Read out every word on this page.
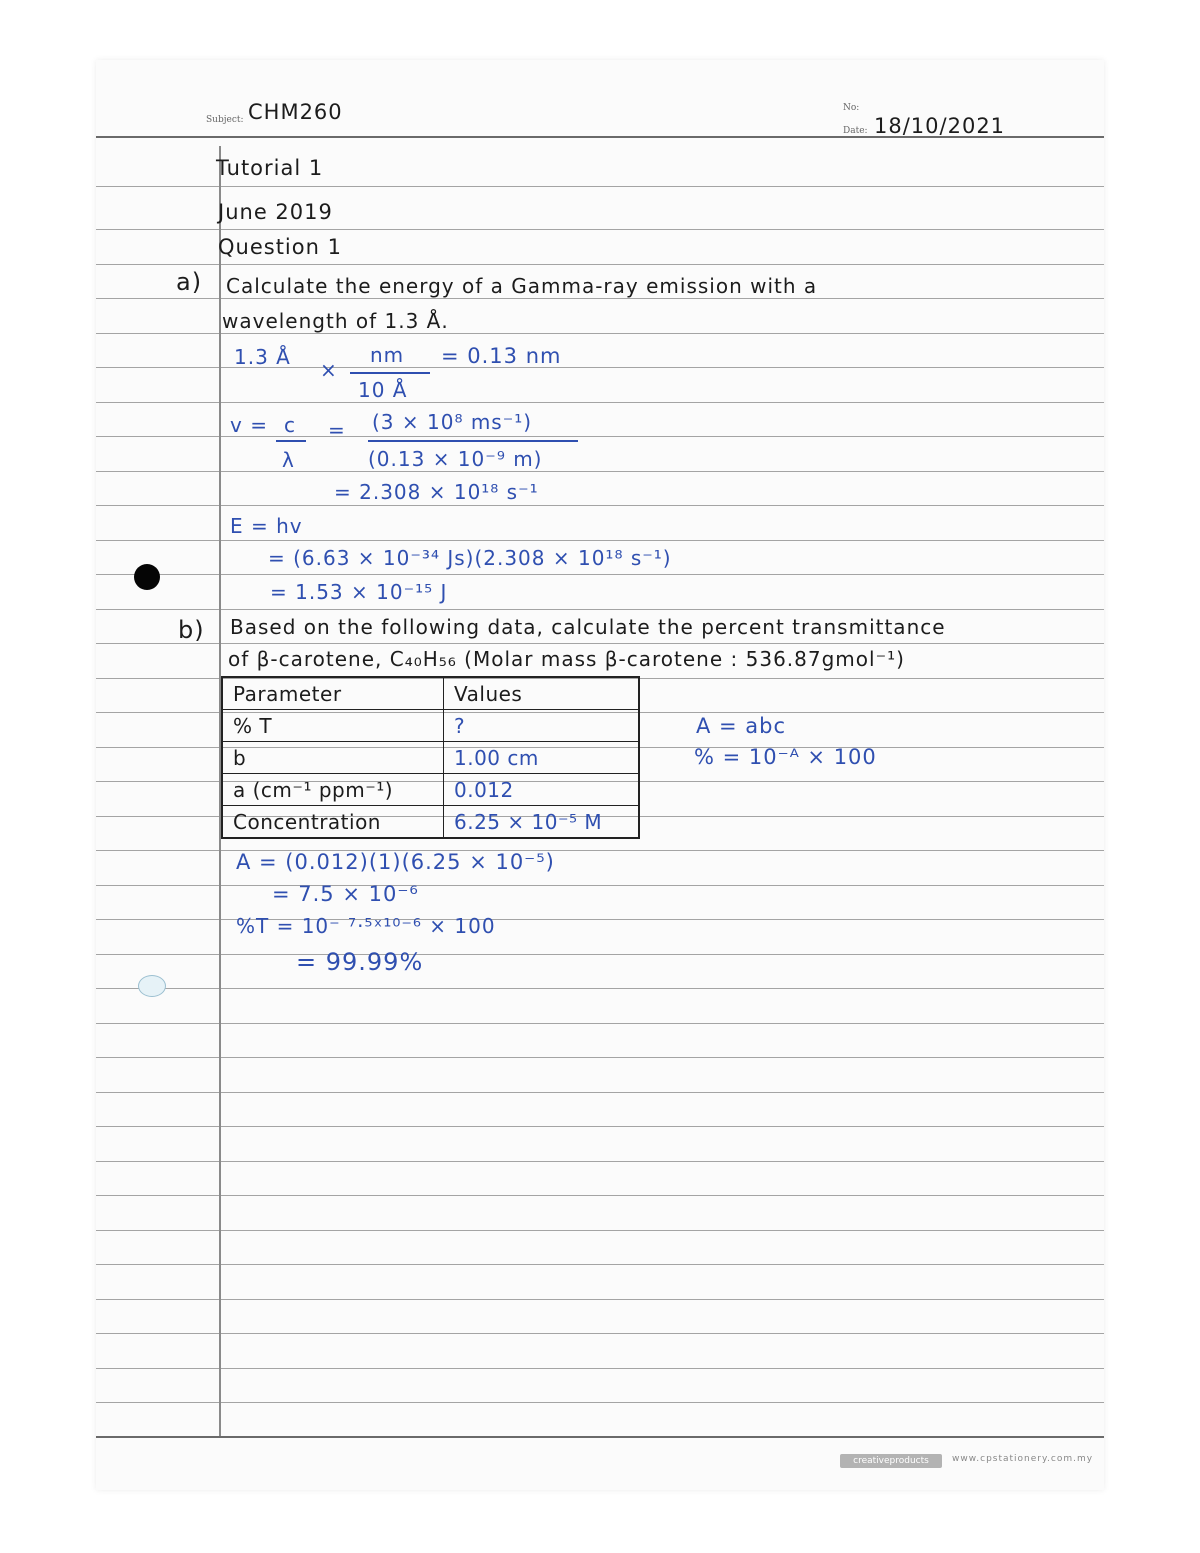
Subject: CHM260	No:
Date: 18/10/2021
Tutorial 1
June 2019
Question 1
a) Calculate the energy of a Gamma-ray emission with a
wavelength of 1.3 Å.
1.3 Å
×
nm
10 Å
= 0.13 nm
v = c
λ
= (3 × 10⁸ ms⁻¹)
(0.13 × 10⁻⁹ m)
= 2.308 × 10¹⁸ s⁻¹
E = hv
= (6.63 × 10⁻³⁴ Js)(2.308 × 10¹⁸ s⁻¹)
= 1.53 × 10⁻¹⁵ J
b) Based on the following data, calculate the percent transmittance
of β-carotene, C₄₀H₅₆ (Molar mass β-carotene : 536.87gmol⁻¹)
Parameter	Values
% T	?
b	1.00 cm
a (cm⁻¹ ppm⁻¹)	0.012
Concentration	6.25 × 10⁻⁵ M
A = abc
% = 10⁻ᴬ × 100
A = (0.012)(1)(6.25 × 10⁻⁵)
= 7.5 × 10⁻⁶
%T = 10⁻ ⁷·⁵ˣ¹⁰⁻⁶ × 100
= 99.99%
creativeproducts	www.cpstationery.com.my
